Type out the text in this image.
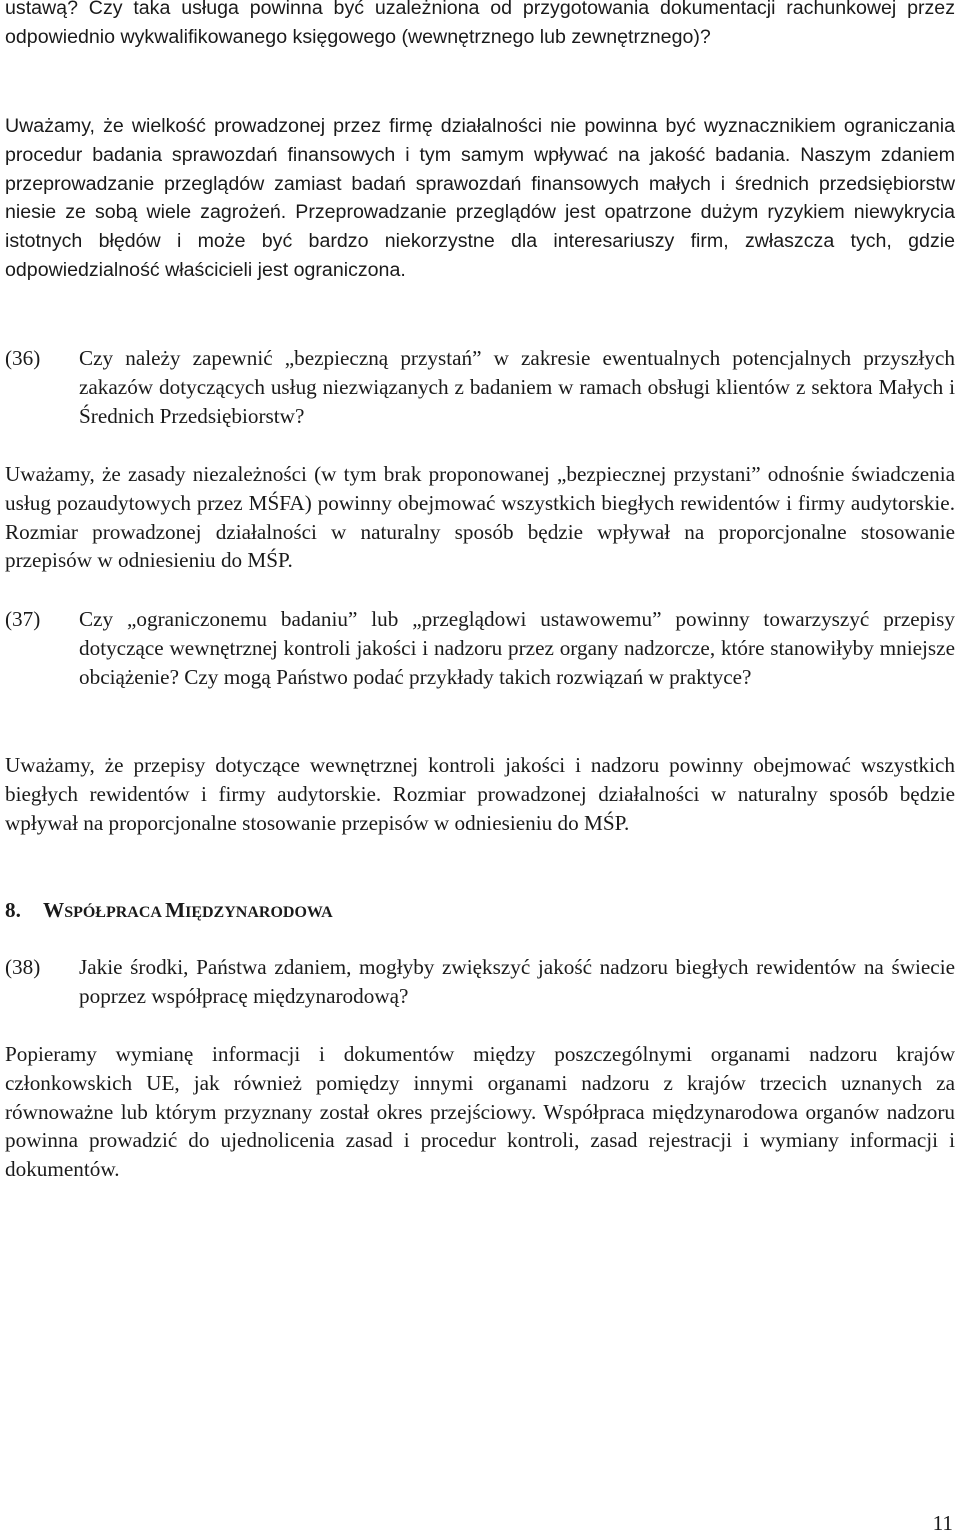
ustawą? Czy taka usługa powinna być uzależniona od przygotowania dokumentacji rachunkowej przez odpowiednio wykwalifikowanego księgowego (wewnętrznego lub zewnętrznego)?

Uważamy, że wielkość prowadzonej przez firmę działalności nie powinna być wyznacznikiem ograniczania procedur badania sprawozdań finansowych i tym samym wpływać na jakość badania. Naszym zdaniem przeprowadzanie przeglądów zamiast badań sprawozdań finansowych małych i średnich przedsiębiorstw niesie ze sobą wiele zagrożeń. Przeprowadzanie przeglądów jest opatrzone dużym ryzykiem niewykrycia istotnych błędów i może być bardzo niekorzystne dla interesariuszy firm, zwłaszcza tych, gdzie odpowiedzialność właścicieli jest ograniczona.

(36)	Czy należy zapewnić „bezpieczną przystań” w zakresie ewentualnych potencjalnych przyszłych zakazów dotyczących usług niezwiązanych z badaniem w ramach obsługi klientów z sektora Małych i Średnich Przedsiębiorstw?

Uważamy, że zasady niezależności (w tym brak proponowanej „bezpiecznej przystani” odnośnie świadczenia usług pozaudytowych przez MŚFA) powinny obejmować wszystkich biegłych rewidentów i firmy audytorskie. Rozmiar prowadzonej działalności w naturalny sposób będzie wpływał na proporcjonalne stosowanie przepisów w odniesieniu do MŚP.

(37)	Czy „ograniczonemu badaniu” lub „przeglądowi ustawowemu” powinny towarzyszyć przepisy dotyczące wewnętrznej kontroli jakości i nadzoru przez organy nadzorcze, które stanowiłyby mniejsze obciążenie? Czy mogą Państwo podać przykłady takich rozwiązań w praktyce?

Uważamy, że przepisy dotyczące wewnętrznej kontroli jakości i nadzoru powinny obejmować wszystkich biegłych rewidentów i firmy audytorskie. Rozmiar prowadzonej działalności w naturalny sposób będzie wpływał na proporcjonalne stosowanie przepisów w odniesieniu do MŚP.

8.	WSPÓŁPRACA MIĘDZYNARODOWA
(38)	Jakie środki, Państwa zdaniem, mogłyby zwiększyć jakość nadzoru biegłych rewidentów na świecie poprzez współpracę międzynarodową?

Popieramy wymianę informacji i dokumentów między poszczególnymi organami nadzoru krajów członkowskich UE, jak również pomiędzy innymi organami nadzoru z krajów trzecich uznanych za równoważne lub którym przyznany został okres przejściowy. Współpraca międzynarodowa organów nadzoru powinna prowadzić do ujednolicenia zasad i procedur kontroli, zasad rejestracji i wymiany informacji i dokumentów.

11
